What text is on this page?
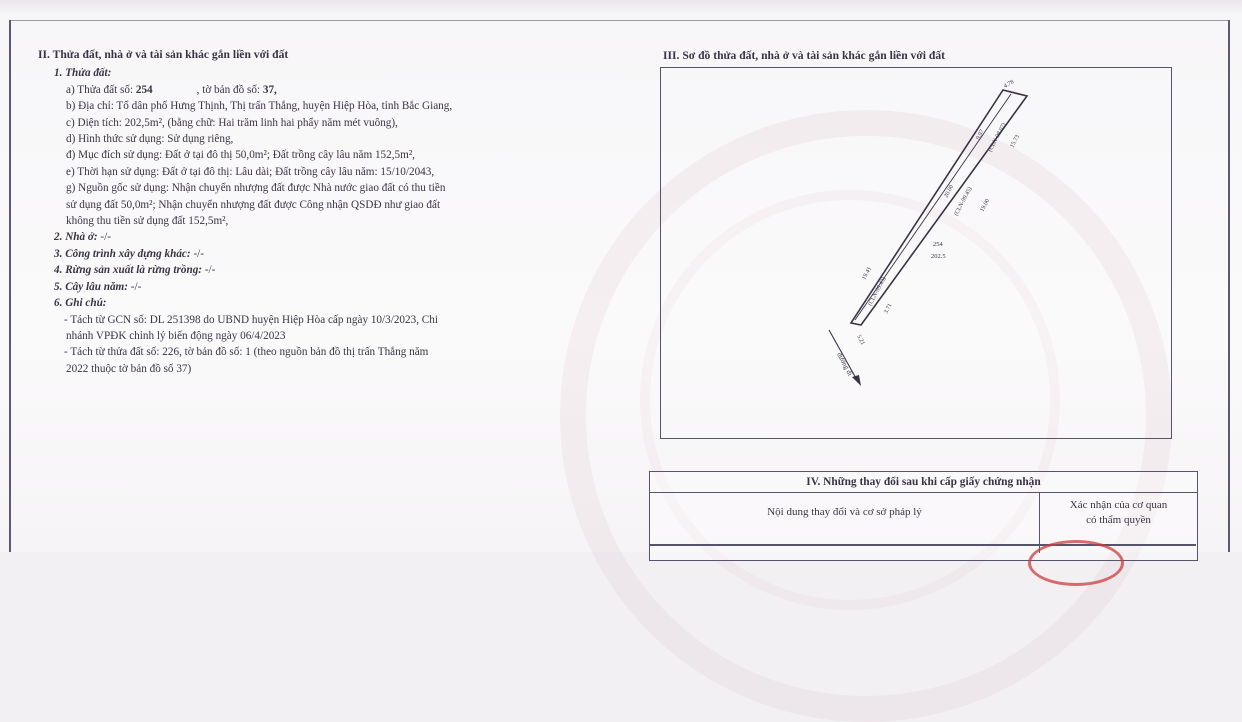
II. Thửa đất, nhà ở và tài sản khác gắn liền với đất
1. Thửa đất:
a) Thửa đất số: 254	, tờ bản đồ số: 37,
b) Địa chỉ: Tổ dân phố Hưng Thịnh, Thị trấn Thắng, huyện Hiệp Hòa, tỉnh Bắc Giang,
c) Diện tích: 202,5m², (bằng chữ: Hai trăm linh hai phẩy năm mét vuông),
d) Hình thức sử dụng: Sử dụng riêng,
đ) Mục đích sử dụng: Đất ở tại đô thị 50,0m²; Đất trồng cây lâu năm 152,5m²,
e) Thời hạn sử dụng: Đất ở tại đô thị: Lâu dài; Đất trồng cây lâu năm: 15/10/2043,
g) Nguồn gốc sử dụng: Nhận chuyển nhượng đất được Nhà nước giao đất có thu tiền
sử dụng đất 50,0m²; Nhận chuyển nhượng đất được Công nhận QSDĐ như giao đất
không thu tiền sử dụng đất 152,5m²,
2. Nhà ở: -/-
3. Công trình xây dựng khác: -/-
4. Rừng sản xuất là rừng trồng: -/-
5. Cây lâu năm: -/-
6. Ghi chú:
- Tách từ GCN số: DL 251398 do UBND huyện Hiệp Hòa cấp ngày 10/3/2023, Chi
nhánh VPĐK chỉnh lý biến động ngày 06/4/2023
- Tách từ thửa đất số: 226, tờ bản đồ số: 1 (theo nguồn bản đồ thị trấn Thắng năm
2022 thuộc tờ bản đồ số 37)
III. Sơ đồ thửa đất, nhà ở và tài sản khác gắn liền với đất
4.78
9.97 (CLN-98.07) 15.73
20.00
(CLN-99.45) 19.00
254
202.5
19.41
(CLN-99.43)
3.71
5.21
đường đi
IV. Những thay đổi sau khi cấp giấy chứng nhận
Nội dung thay đổi và cơ sở pháp lý
Xác nhận của cơ quan
có thẩm quyền
